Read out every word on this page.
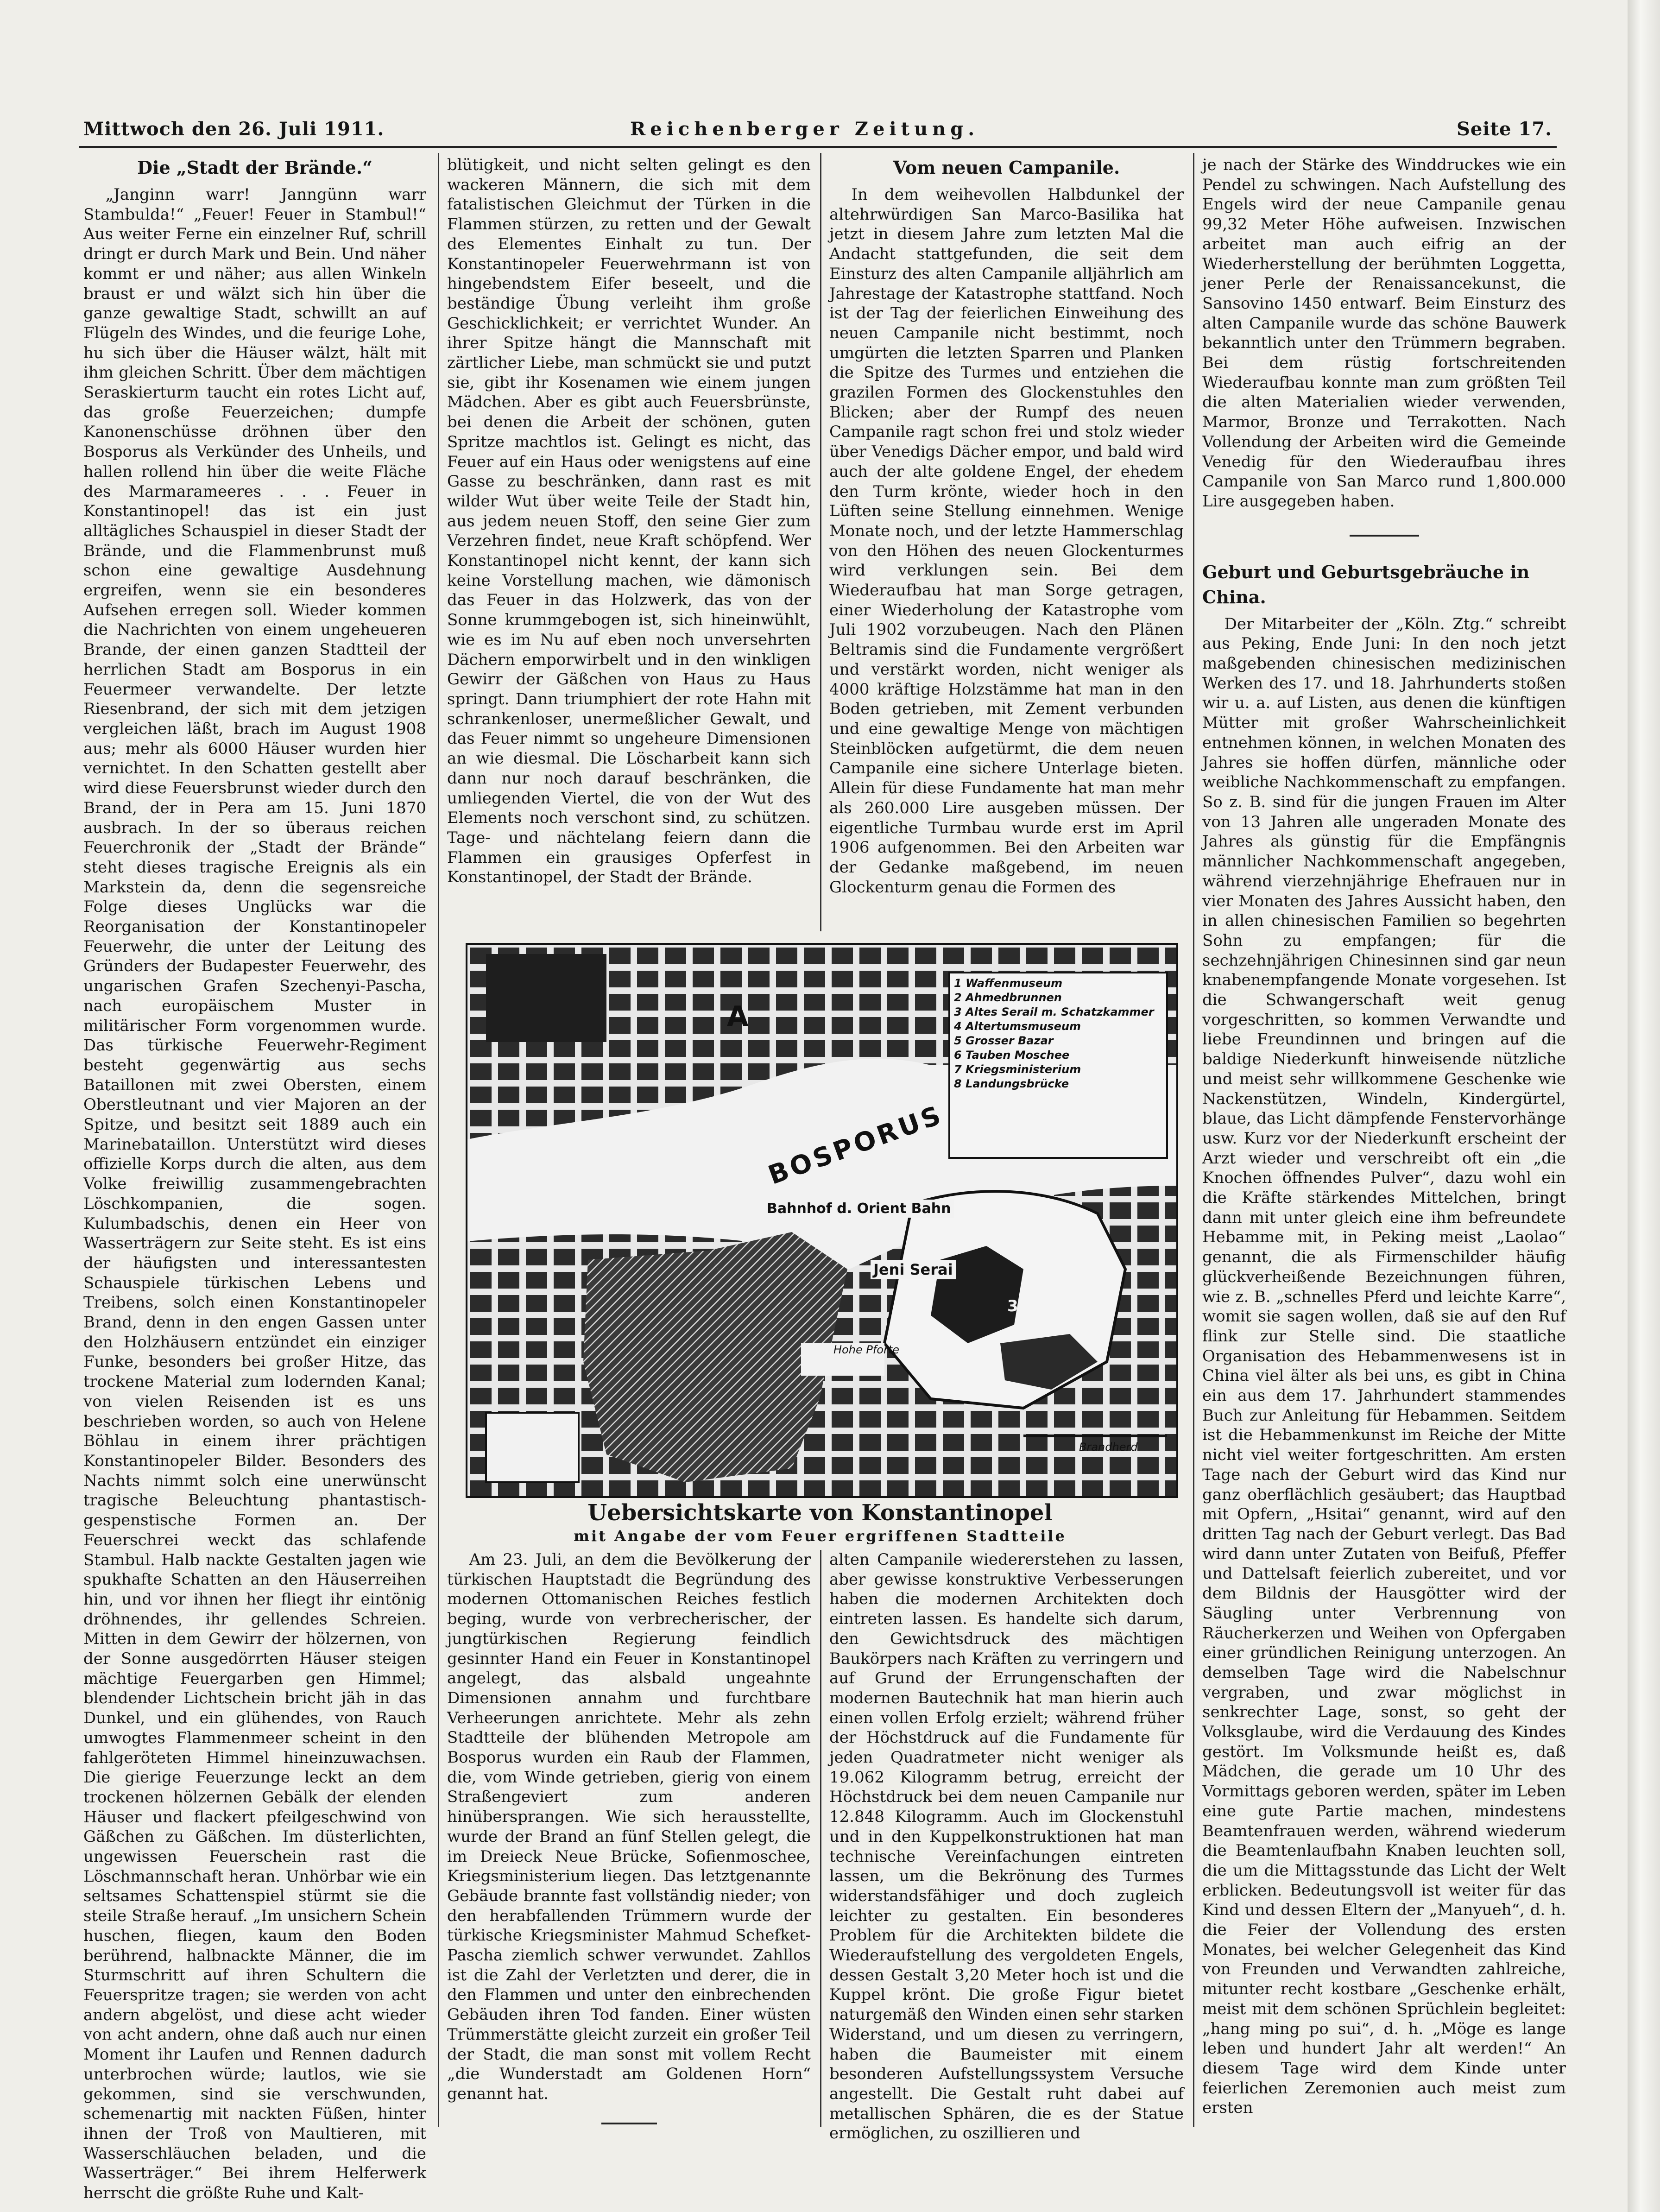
Mittwoch den 26. Juli 1911.	Reichenberger Zeitung.	Seite 17.
Die „Stadt der Brände.“

„Janginn warr! Janngünn warr Stambulda!“ „Feuer! Feuer in Stambul!“ Aus weiter Ferne ein einzelner Ruf, schrill dringt er durch Mark und Bein. Und näher kommt er und näher; aus allen Winkeln braust er und wälzt sich hin über die ganze gewaltige Stadt, schwillt an auf Flügeln des Windes, und die feurige Lohe, hu sich über die Häuser wälzt, hält mit ihm gleichen Schritt. Über dem mächtigen Seraskierturm taucht ein rotes Licht auf, das große Feuerzeichen; dumpfe Kanonenschüsse dröhnen über den Bosporus als Verkünder des Unheils, und hallen rollend hin über die weite Fläche des Marmarameeres . . . Feuer in Konstantinopel! das ist ein just alltägliches Schauspiel in dieser Stadt der Brände, und die Flammenbrunst muß schon eine gewaltige Ausdehnung ergreifen, wenn sie ein besonderes Aufsehen erregen soll. Wieder kommen die Nachrichten von einem ungeheueren Brande, der einen ganzen Stadtteil der herrlichen Stadt am Bosporus in ein Feuermeer verwandelte. Der letzte Riesenbrand, der sich mit dem jetzigen vergleichen läßt, brach im August 1908 aus; mehr als 6000 Häuser wurden hier vernichtet. In den Schatten gestellt aber wird diese Feuersbrunst wieder durch den Brand, der in Pera am 15. Juni 1870 ausbrach. In der so überaus reichen Feuerchronik der „Stadt der Brände“ steht dieses tragische Ereignis als ein Markstein da, denn die segensreiche Folge dieses Unglücks war die Reorganisation der Konstantinopeler Feuerwehr, die unter der Leitung des Gründers der Budapester Feuerwehr, des ungarischen Grafen Szechenyi-Pascha, nach europäischem Muster in militärischer Form vorgenommen wurde. Das türkische Feuerwehr-Regiment besteht gegenwärtig aus sechs Bataillonen mit zwei Obersten, einem Oberstleutnant und vier Majoren an der Spitze, und besitzt seit 1889 auch ein Marinebataillon. Unterstützt wird dieses offizielle Korps durch die alten, aus dem Volke freiwillig zusammengebrachten Löschkompanien, die sogen. Kulumbadschis, denen ein Heer von Wasserträgern zur Seite steht. Es ist eins der häufigsten und interessantesten Schauspiele türkischen Lebens und Treibens, solch einen Konstantinopeler Brand, denn in den engen Gassen unter den Holzhäusern entzündet ein einziger Funke, besonders bei großer Hitze, das trockene Material zum lodernden Kanal; von vielen Reisenden ist es uns beschrieben worden, so auch von Helene Böhlau in einem ihrer prächtigen Konstantinopeler Bilder. Besonders des Nachts nimmt solch eine unerwünscht tragische Beleuchtung phantastisch-gespenstische Formen an. Der Feuerschrei weckt das schlafende Stambul. Halb nackte Gestalten jagen wie spukhafte Schatten an den Häuserreihen hin, und vor ihnen her fliegt ihr eintönig dröhnendes, ihr gellendes Schreien. Mitten in dem Gewirr der hölzernen, von der Sonne ausgedörrten Häuser steigen mächtige Feuergarben gen Himmel; blendender Lichtschein bricht jäh in das Dunkel, und ein glühendes, von Rauch umwogtes Flammenmeer scheint in den fahlgeröteten Himmel hineinzuwachsen. Die gierige Feuerzunge leckt an dem trockenen hölzernen Gebälk der elenden Häuser und flackert pfeilgeschwind von Gäßchen zu Gäßchen. Im düsterlichten, ungewissen Feuerschein rast die Löschmannschaft heran. Unhörbar wie ein seltsames Schattenspiel stürmt sie die steile Straße herauf. „Im unsichern Schein huschen, fliegen, kaum den Boden berührend, halbnackte Männer, die im Sturmschritt auf ihren Schultern die Feuerspritze tragen; sie werden von acht andern abgelöst, und diese acht wieder von acht andern, ohne daß auch nur einen Moment ihr Laufen und Rennen dadurch unterbrochen würde; lautlos, wie sie gekommen, sind sie verschwunden, schemenartig mit nackten Füßen, hinter ihnen der Troß von Maultieren, mit Wasserschläuchen beladen, und die Wasserträger.“ Bei ihrem Helferwerk herrscht die größte Ruhe und Kalt-

blütigkeit, und nicht selten gelingt es den wackeren Männern, die sich mit dem fatalistischen Gleichmut der Türken in die Flammen stürzen, zu retten und der Gewalt des Elementes Einhalt zu tun. Der Konstantinopeler Feuerwehrmann ist von hingebendstem Eifer beseelt, und die beständige Übung verleiht ihm große Geschicklichkeit; er verrichtet Wunder. An ihrer Spitze hängt die Mannschaft mit zärtlicher Liebe, man schmückt sie und putzt sie, gibt ihr Kosenamen wie einem jungen Mädchen. Aber es gibt auch Feuersbrünste, bei denen die Arbeit der schönen, guten Spritze machtlos ist. Gelingt es nicht, das Feuer auf ein Haus oder wenigstens auf eine Gasse zu beschränken, dann rast es mit wilder Wut über weite Teile der Stadt hin, aus jedem neuen Stoff, den seine Gier zum Verzehren findet, neue Kraft schöpfend. Wer Konstantinopel nicht kennt, der kann sich keine Vorstellung machen, wie dämonisch das Feuer in das Holzwerk, das von der Sonne krummgebogen ist, sich hineinwühlt, wie es im Nu auf eben noch unversehrten Dächern emporwirbelt und in den winkligen Gewirr der Gäßchen von Haus zu Haus springt. Dann triumphiert der rote Hahn mit schrankenloser, unermeßlicher Gewalt, und das Feuer nimmt so ungeheure Dimensionen an wie diesmal. Die Löscharbeit kann sich dann nur noch darauf beschränken, die umliegenden Viertel, die von der Wut des Elements noch verschont sind, zu schützen. Tage- und nächtelang feiern dann die Flammen ein grausiges Opferfest in Konstantinopel, der Stadt der Brände.

Vom neuen Campanile.

In dem weihevollen Halbdunkel der altehrwürdigen San Marco-Basilika hat jetzt in diesem Jahre zum letzten Mal die Andacht stattgefunden, die seit dem Einsturz des alten Campanile alljährlich am Jahrestage der Katastrophe stattfand. Noch ist der Tag der feierlichen Einweihung des neuen Campanile nicht bestimmt, noch umgürten die letzten Sparren und Planken die Spitze des Turmes und entziehen die grazilen Formen des Glockenstuhles den Blicken; aber der Rumpf des neuen Campanile ragt schon frei und stolz wieder über Venedigs Dächer empor, und bald wird auch der alte goldene Engel, der ehedem den Turm krönte, wieder hoch in den Lüften seine Stellung einnehmen. Wenige Monate noch, und der letzte Hammerschlag von den Höhen des neuen Glockenturmes wird verklungen sein. Bei dem Wiederaufbau hat man Sorge getragen, einer Wiederholung der Katastrophe vom Juli 1902 vorzubeugen. Nach den Plänen Beltramis sind die Fundamente vergrößert und verstärkt worden, nicht weniger als 4000 kräftige Holzstämme hat man in den Boden getrieben, mit Zement verbunden und eine gewaltige Menge von mächtigen Steinblöcken aufgetürmt, die dem neuen Campanile eine sichere Unterlage bieten. Allein für diese Fundamente hat man mehr als 260.000 Lire ausgeben müssen. Der eigentliche Turmbau wurde erst im April 1906 aufgenommen. Bei den Arbeiten war der Gedanke maßgebend, im neuen Glockenturm genau die Formen des

je nach der Stärke des Winddruckes wie ein Pendel zu schwingen. Nach Aufstellung des Engels wird der neue Campanile genau 99,32 Meter Höhe aufweisen. Inzwischen arbeitet man auch eifrig an der Wiederherstellung der berühmten Loggetta, jener Perle der Renaissancekunst, die Sansovino 1450 entwarf. Beim Einsturz des alten Campanile wurde das schöne Bauwerk bekanntlich unter den Trümmern begraben. Bei dem rüstig fortschreitenden Wiederaufbau konnte man zum größten Teil die alten Materialien wieder verwenden, Marmor, Bronze und Terrakotten. Nach Vollendung der Arbeiten wird die Gemeinde Venedig für den Wiederaufbau ihres Campanile von San Marco rund 1,800.000 Lire ausgegeben haben.

Geburt und Geburtsgebräuche in China.

Der Mitarbeiter der „Köln. Ztg.“ schreibt aus Peking, Ende Juni: In den noch jetzt maßgebenden chinesischen medizinischen Werken des 17. und 18. Jahrhunderts stoßen wir u. a. auf Listen, aus denen die künftigen Mütter mit großer Wahrscheinlichkeit entnehmen können, in welchen Monaten des Jahres sie hoffen dürfen, männliche oder weibliche Nachkommenschaft zu empfangen. So z. B. sind für die jungen Frauen im Alter von 13 Jahren alle ungeraden Monate des Jahres als günstig für die Empfängnis männlicher Nachkommenschaft angegeben, während vierzehnjährige Ehefrauen nur in vier Monaten des Jahres Aussicht haben, den in allen chinesischen Familien so begehrten Sohn zu empfangen; für die sechzehnjährigen Chinesinnen sind gar neun knabenempfangende Monate vorgesehen. Ist die Schwangerschaft weit genug vorgeschritten, so kommen Verwandte und liebe Freundinnen und bringen auf die baldige Niederkunft hinweisende nützliche und meist sehr willkommene Geschenke wie Nackenstützen, Windeln, Kindergürtel, blaue, das Licht dämpfende Fenstervorhänge usw. Kurz vor der Niederkunft erscheint der Arzt wieder und verschreibt oft ein „die Knochen öffnendes Pulver“, dazu wohl ein die Kräfte stärkendes Mittelchen, bringt dann mit unter gleich eine ihm befreundete Hebamme mit, in Peking meist „Laolao“ genannt, die als Firmenschilder häufig glückverheißende Bezeichnungen führen, wie z. B. „schnelles Pferd und leichte Karre“, womit sie sagen wollen, daß sie auf den Ruf flink zur Stelle sind. Die staatliche Organisation des Hebammenwesens ist in China viel älter als bei uns, es gibt in China ein aus dem 17. Jahrhundert stammendes Buch zur Anleitung für Hebammen. Seitdem ist die Hebammenkunst im Reiche der Mitte nicht viel weiter fortgeschritten. Am ersten Tage nach der Geburt wird das Kind nur ganz oberflächlich gesäubert; das Hauptbad mit Opfern, „Hsitai“ genannt, wird auf den dritten Tag nach der Geburt verlegt. Das Bad wird dann unter Zutaten von Beifuß, Pfeffer und Dattelsaft feierlich zubereitet, und vor dem Bildnis der Hausgötter wird der Säugling unter Verbrennung von Räucherkerzen und Weihen von Opfergaben einer gründlichen Reinigung unterzogen. An demselben Tage wird die Nabelschnur vergraben, und zwar möglichst in senkrechter Lage, sonst, so geht der Volksglaube, wird die Verdauung des Kindes gestört. Im Volksmunde heißt es, daß Mädchen, die gerade um 10 Uhr des Vormittags geboren werden, später im Leben eine gute Partie machen, mindestens Beamtenfrauen werden, während wiederum die Beamtenlaufbahn Knaben leuchten soll, die um die Mittagsstunde das Licht der Welt erblicken. Bedeutungsvoll ist weiter für das Kind und dessen Eltern der „Manyueh“, d. h. die Feier der Vollendung des ersten Monates, bei welcher Gelegenheit das Kind von Freunden und Verwandten zahlreiche, mitunter recht kostbare „Geschenke erhält, meist mit dem schönen Sprüchlein begleitet: „hang ming po sui“, d. h. „Möge es lange leben und hundert Jahr alt werden!“ An diesem Tage wird dem Kinde unter feierlichen Zeremonien auch meist zum ersten

1 Waffenmuseum
2 Ahmedbrunnen
3 Altes Serail m. Schatzkammer
4 Altertumsmuseum
5 Grosser Bazar
6 Tauben Moschee
7 Kriegsministerium
8 Landungsbrücke
A
BOSPORUS
Bahnhof d. Orient Bahn
Jeni Serai
Hohe Pforte
3
Brandherd
Uebersichtskarte von Konstantinopel
mit Angabe der vom Feuer ergriffenen Stadtteile

Am 23. Juli, an dem die Bevölkerung der türkischen Hauptstadt die Begründung des modernen Ottomanischen Reiches festlich beging, wurde von verbrecherischer, der jungtürkischen Regierung feindlich gesinnter Hand ein Feuer in Konstantinopel angelegt, das alsbald ungeahnte Dimensionen annahm und furchtbare Verheerungen anrichtete. Mehr als zehn Stadtteile der blühenden Metropole am Bosporus wurden ein Raub der Flammen, die, vom Winde getrieben, gierig von einem Straßengeviert zum anderen hinübersprangen. Wie sich herausstellte, wurde der Brand an fünf Stellen gelegt, die im Dreieck Neue Brücke, Sofienmoschee, Kriegsministerium liegen. Das letztgenannte Gebäude brannte fast vollständig nieder; von den herabfallenden Trümmern wurde der türkische Kriegsminister Mahmud Schefket-Pascha ziemlich schwer verwundet. Zahllos ist die Zahl der Verletzten und derer, die in den Flammen und unter den einbrechenden Gebäuden ihren Tod fanden. Einer wüsten Trümmerstätte gleicht zurzeit ein großer Teil der Stadt, die man sonst mit vollem Recht „die Wunderstadt am Goldenen Horn“ genannt hat.

alten Campanile wiedererstehen zu lassen, aber gewisse konstruktive Verbesserungen haben die modernen Architekten doch eintreten lassen. Es handelte sich darum, den Gewichtsdruck des mächtigen Baukörpers nach Kräften zu verringern und auf Grund der Errungenschaften der modernen Bautechnik hat man hierin auch einen vollen Erfolg erzielt; während früher der Höchstdruck auf die Fundamente für jeden Quadratmeter nicht weniger als 19.062 Kilogramm betrug, erreicht der Höchstdruck bei dem neuen Campanile nur 12.848 Kilogramm. Auch im Glockenstuhl und in den Kuppelkonstruktionen hat man technische Vereinfachungen eintreten lassen, um die Bekrönung des Turmes widerstandsfähiger und doch zugleich leichter zu gestalten. Ein besonderes Problem für die Architekten bildete die Wiederaufstellung des vergoldeten Engels, dessen Gestalt 3,20 Meter hoch ist und die Kuppel krönt. Die große Figur bietet naturgemäß den Winden einen sehr starken Widerstand, und um diesen zu verringern, haben die Baumeister mit einem besonderen Aufstellungssystem Versuche angestellt. Die Gestalt ruht dabei auf metallischen Sphären, die es der Statue ermöglichen, zu oszillieren und
